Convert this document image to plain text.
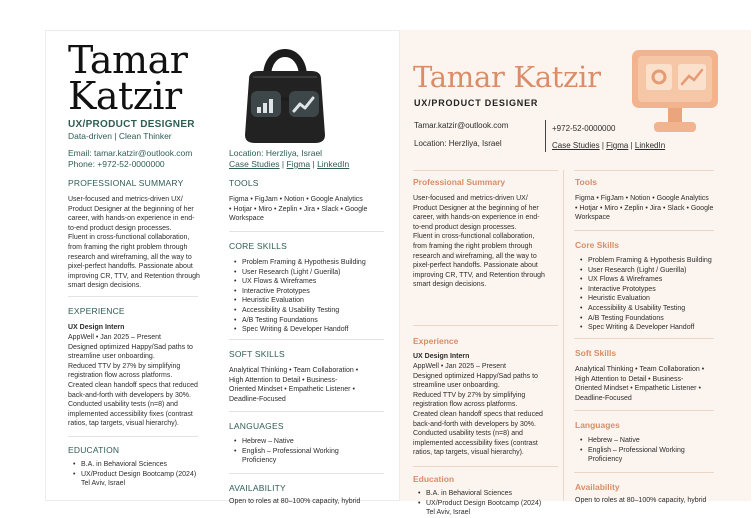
Tamar
Katzir
UX/PRODUCT DESIGNER
Data-driven | Clean Thinker
Email: tamar.katzir@outlook.com
Phone: +972-52-0000000
Location: Herzliya, Israel
Case Studies | Figma | LinkedIn
PROFESSIONAL SUMMARY
User-focused and metrics-driven UX/
Product Designer at the beginning of her
career, with hands-on experience in end-
to-end product design processes.
Fluent in cross-functional collaboration,
from framing the right problem through
research and wireframing, all the way to
pixel-perfect handoffs. Passionate about
improving CR, TTV, and Retention through
smart design decisions.
EXPERIENCE
UX Design Intern
AppWell • Jan 2025 – Present
Designed optimized Happy/Sad paths to
streamline user onboarding.
Reduced TTV by 27% by simplifying
registration flow across platforms.
Created clean handoff specs that reduced
back-and-forth with developers by 30%.
Conducted usability tests (n=8) and
implemented accessibility fixes (contrast
ratios, tap targets, visual hierarchy).
EDUCATION
• B.A. in Behavioral Sciences
• UX/Product Design Bootcamp (2024)
Tel Aviv, Israel
TOOLS
Figma • FigJam • Notion • Google Analytics
• Hotjar • Miro • Zeplin • Jira • Slack • Google
Workspace
CORE SKILLS
• Problem Framing & Hypothesis Building
• User Research (Light / Guerilla)
• UX Flows & Wireframes
• Interactive Prototypes
• Heuristic Evaluation
• Accessibility & Usability Testing
• A/B Testing Foundations
• Spec Writing & Developer Handoff
SOFT SKILLS
Analytical Thinking • Team Collaboration •
High Attention to Detail • Business-
Oriented Mindset • Empathetic Listener •
Deadline-Focused
LANGUAGES
• Hebrew – Native
• English – Professional Working
Proficiency
AVAILABILITY
Open to roles at 80–100% capacity, hybrid
Tamar Katzir
UX/PRODUCT DESIGNER
Tamar.katzir@outlook.com
Location: Herzliya, Israel
+972-52-0000000
Case Studies | Figma | LinkedIn
Professional Summary
User-focused and metrics-driven UX/
Product Designer at the beginning of her
career, with hands-on experience in end-
to-end product design processes.
Fluent in cross-functional collaboration,
from framing the right problem through
research and wireframing, all the way to
pixel-perfect handoffs. Passionate about
improving CR, TTV, and Retention through
smart design decisions.
Experience
UX Design Intern
AppWell • Jan 2025 – Present
Designed optimized Happy/Sad paths to
streamline user onboarding.
Reduced TTV by 27% by simplifying
registration flow across platforms.
Created clean handoff specs that reduced
back-and-forth with developers by 30%.
Conducted usability tests (n=8) and
implemented accessibility fixes (contrast
ratios, tap targets, visual hierarchy).
Education
• B.A. in Behavioral Sciences
• UX/Product Design Bootcamp (2024)
Tel Aviv, Israel
Tools
Figma • FigJam • Notion • Google Analytics
• Hotjar • Miro • Zeplin • Jira • Slack • Google
Workspace
Core Skills
• Problem Framing & Hypothesis Building
• User Research (Light / Guerilla)
• UX Flows & Wireframes
• Interactive Prototypes
• Heuristic Evaluation
• Accessibility & Usability Testing
• A/B Testing Foundations
• Spec Writing & Developer Handoff
Soft Skills
Analytical Thinking • Team Collaboration •
High Attention to Detail • Business-
Oriented Mindset • Empathetic Listener •
Deadline-Focused
Languages
• Hebrew – Native
• English – Professional Working
Proficiency
Availability
Open to roles at 80–100% capacity, hybrid
